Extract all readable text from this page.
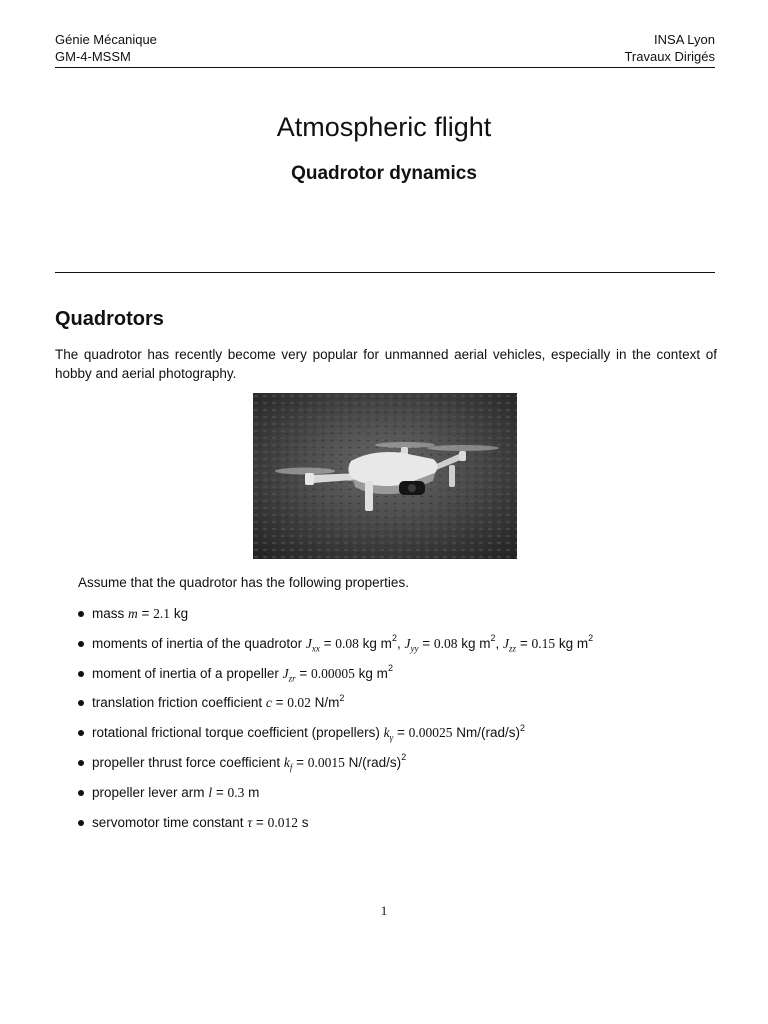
Génie Mécanique
GM-4-MSSM
INSA Lyon
Travaux Dirigés
Atmospheric flight
Quadrotor dynamics
Quadrotors
The quadrotor has recently become very popular for unmanned aerial vehicles, especially in the context of hobby and aerial photography.
Assume that the quadrotor has the following properties.
mass m = 2.1 kg
moments of inertia of the quadrotor $J_{xx} = 0.08$ kg $m^2$, $J_{yy} = 0.08$ kg $m^2$, $J_{zz} = 0.15$ kg $m^2$
moment of inertia of a propeller $J_{zr} = 0.00005$ kg $m^2$
translation friction coefficient c = 0.02 $N/m^2$
rotational frictional torque coefficient (propellers) $k_\gamma = 0.00025$ $Nm/(rad/s)^2$
propeller thrust force coefficient $k_f = 0.0015$ $N/(rad/s)^2$
propeller lever arm l = 0.3 m
servomotor time constant τ = 0.012 s
1
